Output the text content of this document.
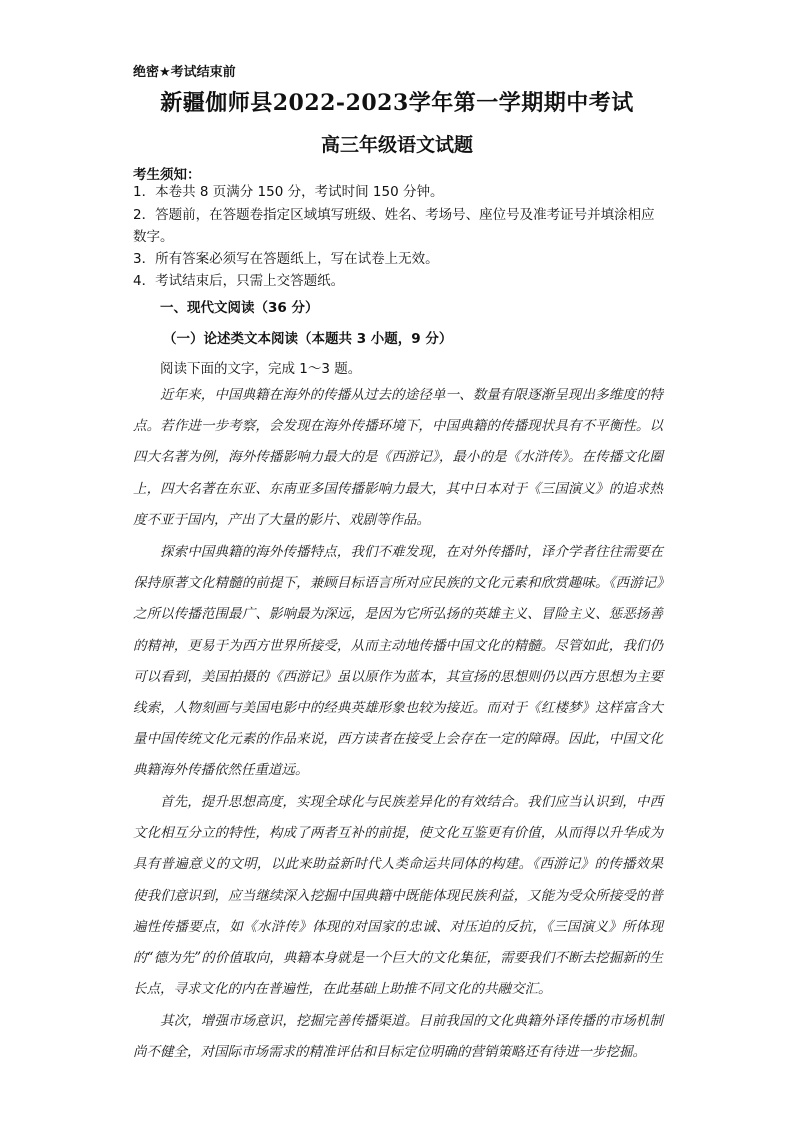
绝密★考试结束前
新疆伽师县2022-2023学年第一学期期中考试
高三年级语文试题
考生须知：
1．本卷共 8 页满分 150 分，考试时间 150 分钟。
2．答题前，在答题卷指定区域填写班级、姓名、考场号、座位号及准考证号并填涂相应数字。
3．所有答案必须写在答题纸上，写在试卷上无效。
4．考试结束后，只需上交答题纸。
一、现代文阅读（36 分）
（一）论述类文本阅读（本题共 3 小题，9 分）
阅读下面的文字，完成 1～3 题。
近年来，中国典籍在海外的传播从过去的途径单一、数量有限逐渐呈现出多维度的特点。若作进一步考察，会发现在海外传播环境下，中国典籍的传播现状具有不平衡性。以四大名著为例，海外传播影响力最大的是《西游记》，最小的是《水浒传》。在传播文化圈上，四大名著在东亚、东南亚多国传播影响力最大，其中日本对于《三国演义》的追求热度不亚于国内，产出了大量的影片、戏剧等作品。
探索中国典籍的海外传播特点，我们不难发现，在对外传播时，译介学者往往需要在保持原著文化精髓的前提下，兼顾目标语言所对应民族的文化元素和欣赏趣味。《西游记》之所以传播范围最广、影响最为深远，是因为它所弘扬的英雄主义、冒险主义、惩恶扬善的精神，更易于为西方世界所接受，从而主动地传播中国文化的精髓。尽管如此，我们仍可以看到，美国拍摄的《西游记》虽以原作为蓝本，其宣扬的思想则仍以西方思想为主要线索，人物刻画与美国电影中的经典英雄形象也较为接近。而对于《红楼梦》这样富含大量中国传统文化元素的作品来说，西方读者在接受上会存在一定的障碍。因此，中国文化典籍海外传播依然任重道远。
首先，提升思想高度，实现全球化与民族差异化的有效结合。我们应当认识到，中西文化相互分立的特性，构成了两者互补的前提，使文化互鉴更有价值，从而得以升华成为具有普遍意义的文明，以此来助益新时代人类命运共同体的构建。《西游记》的传播效果使我们意识到，应当继续深入挖掘中国典籍中既能体现民族利益，又能为受众所接受的普遍性传播要点，如《水浒传》体现的对国家的忠诚、对压迫的反抗，《三国演义》所体现的“德为先”的价值取向，典籍本身就是一个巨大的文化集征，需要我们不断去挖掘新的生长点，寻求文化的内在普遍性，在此基础上助推不同文化的共融交汇。
其次，增强市场意识，挖掘完善传播渠道。目前我国的文化典籍外译传播的市场机制尚不健全，对国际市场需求的精准评估和目标定位明确的营销策略还有待进一步挖掘。
